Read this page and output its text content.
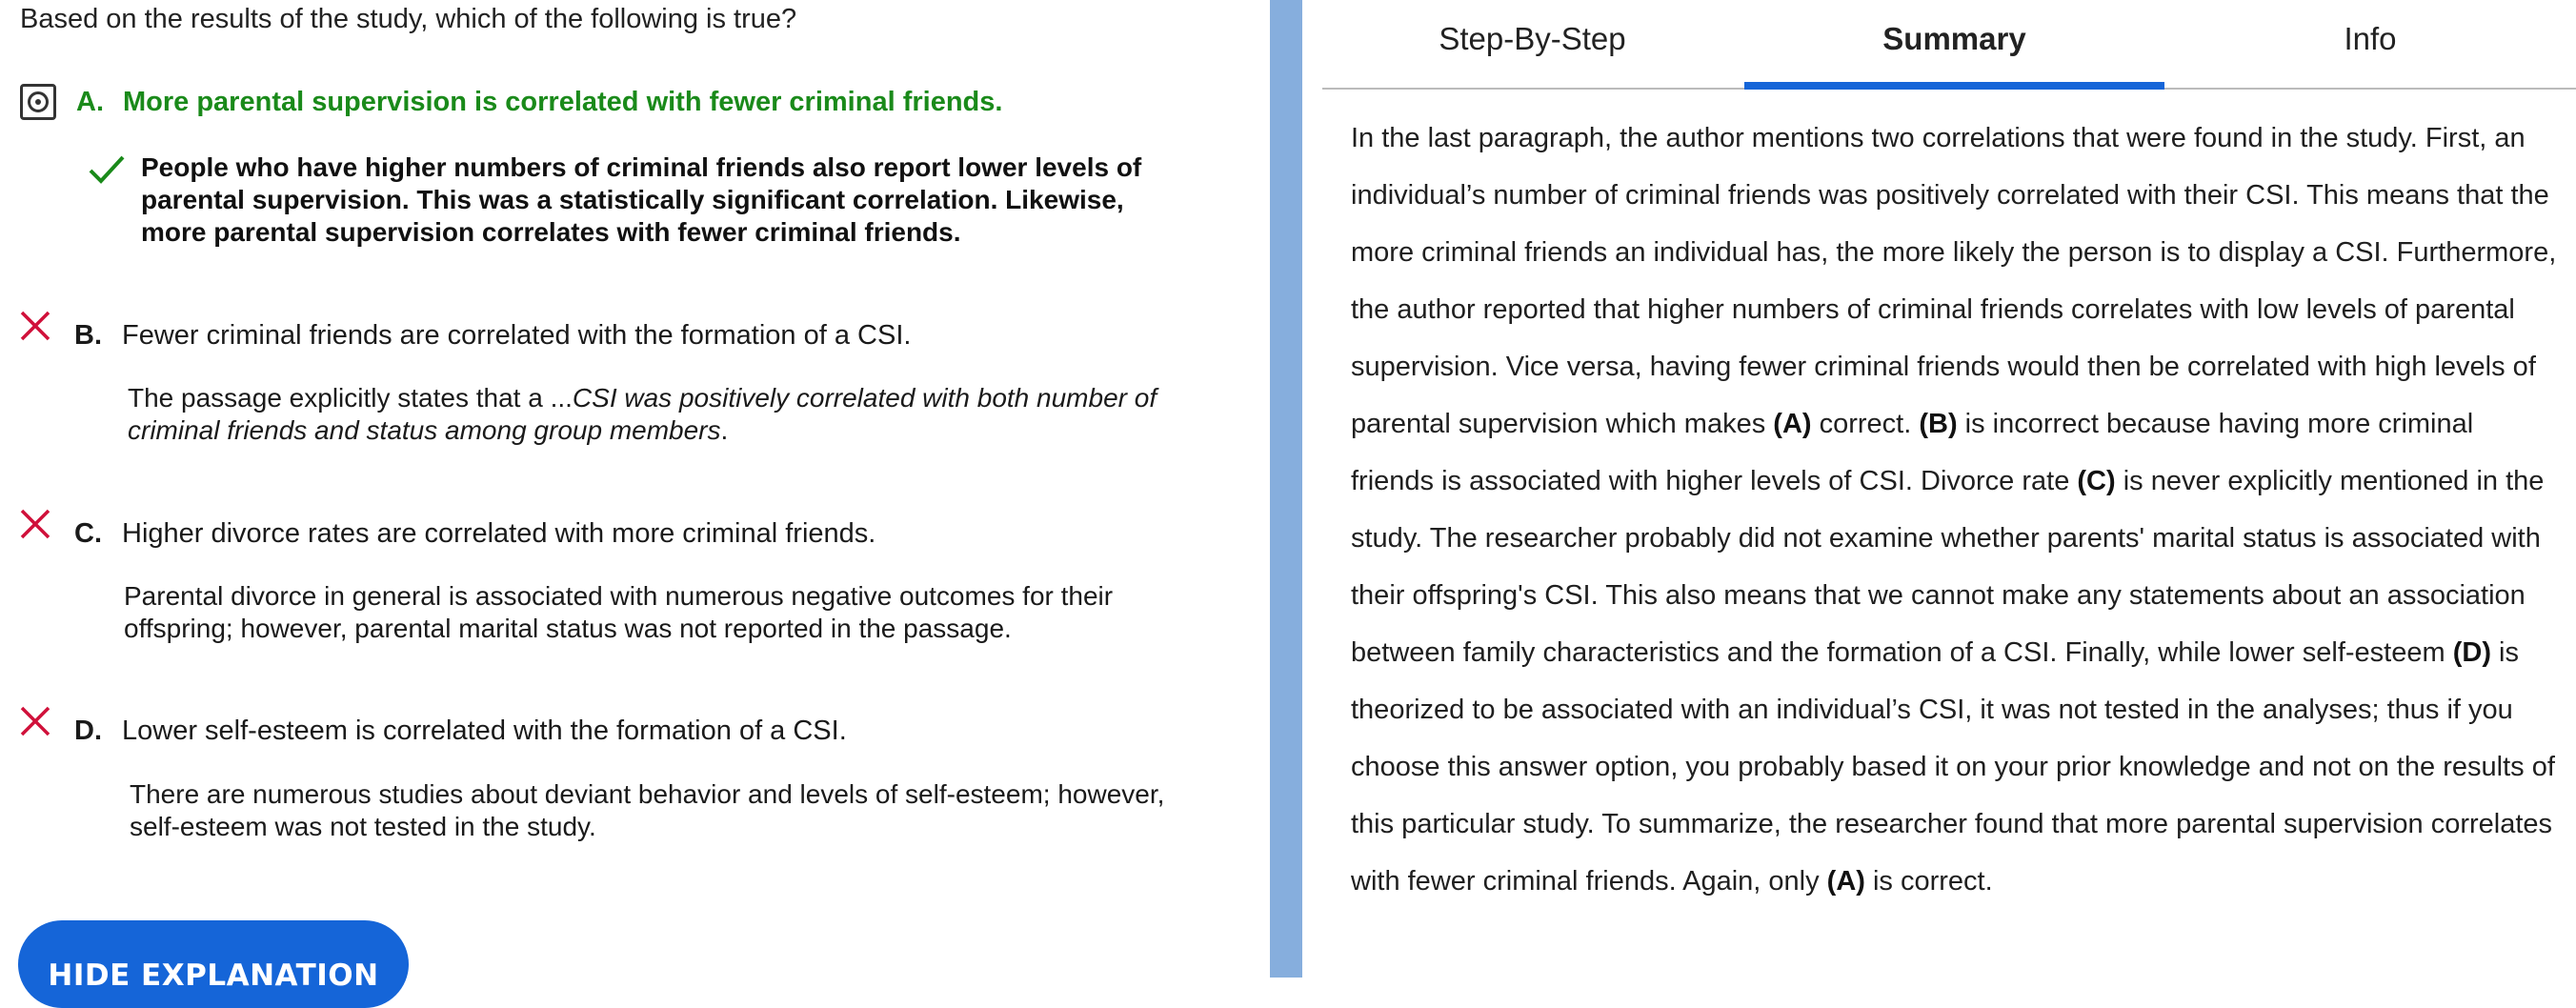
Based on the results of the study, which of the following is true?
A. More parental supervision is correlated with fewer criminal friends.
People who have higher numbers of criminal friends also report lower levels of
parental supervision. This was a statistically significant correlation. Likewise,
more parental supervision correlates with fewer criminal friends.
B. Fewer criminal friends are correlated with the formation of a CSI.
The passage explicitly states that a ...CSI was positively correlated with both number of
criminal friends and status among group members.
C. Higher divorce rates are correlated with more criminal friends.
Parental divorce in general is associated with numerous negative outcomes for their
offspring; however, parental marital status was not reported in the passage.
D. Lower self-esteem is correlated with the formation of a CSI.
There are numerous studies about deviant behavior and levels of self-esteem; however,
self-esteem was not tested in the study.
HIDE EXPLANATION
Step-By-Step	Summary	Info
In the last paragraph, the author mentions two correlations that were found in the study. First, an individual’s number of criminal friends was positively correlated with their CSI. This means that the more criminal friends an individual has, the more likely the person is to display a CSI. Furthermore, the author reported that higher numbers of criminal friends correlates with low levels of parental supervision. Vice versa, having fewer criminal friends would then be correlated with high levels of parental supervision which makes (A) correct. (B) is incorrect because having more criminal friends is associated with higher levels of CSI. Divorce rate (C) is never explicitly mentioned in the study. The researcher probably did not examine whether parents' marital status is associated with their offspring's CSI. This also means that we cannot make any statements about an association between family characteristics and the formation of a CSI. Finally, while lower self-esteem (D) is theorized to be associated with an individual’s CSI, it was not tested in the analyses; thus if you choose this answer option, you probably based it on your prior knowledge and not on the results of this particular study. To summarize, the researcher found that more parental supervision correlates with fewer criminal friends. Again, only (A) is correct.
